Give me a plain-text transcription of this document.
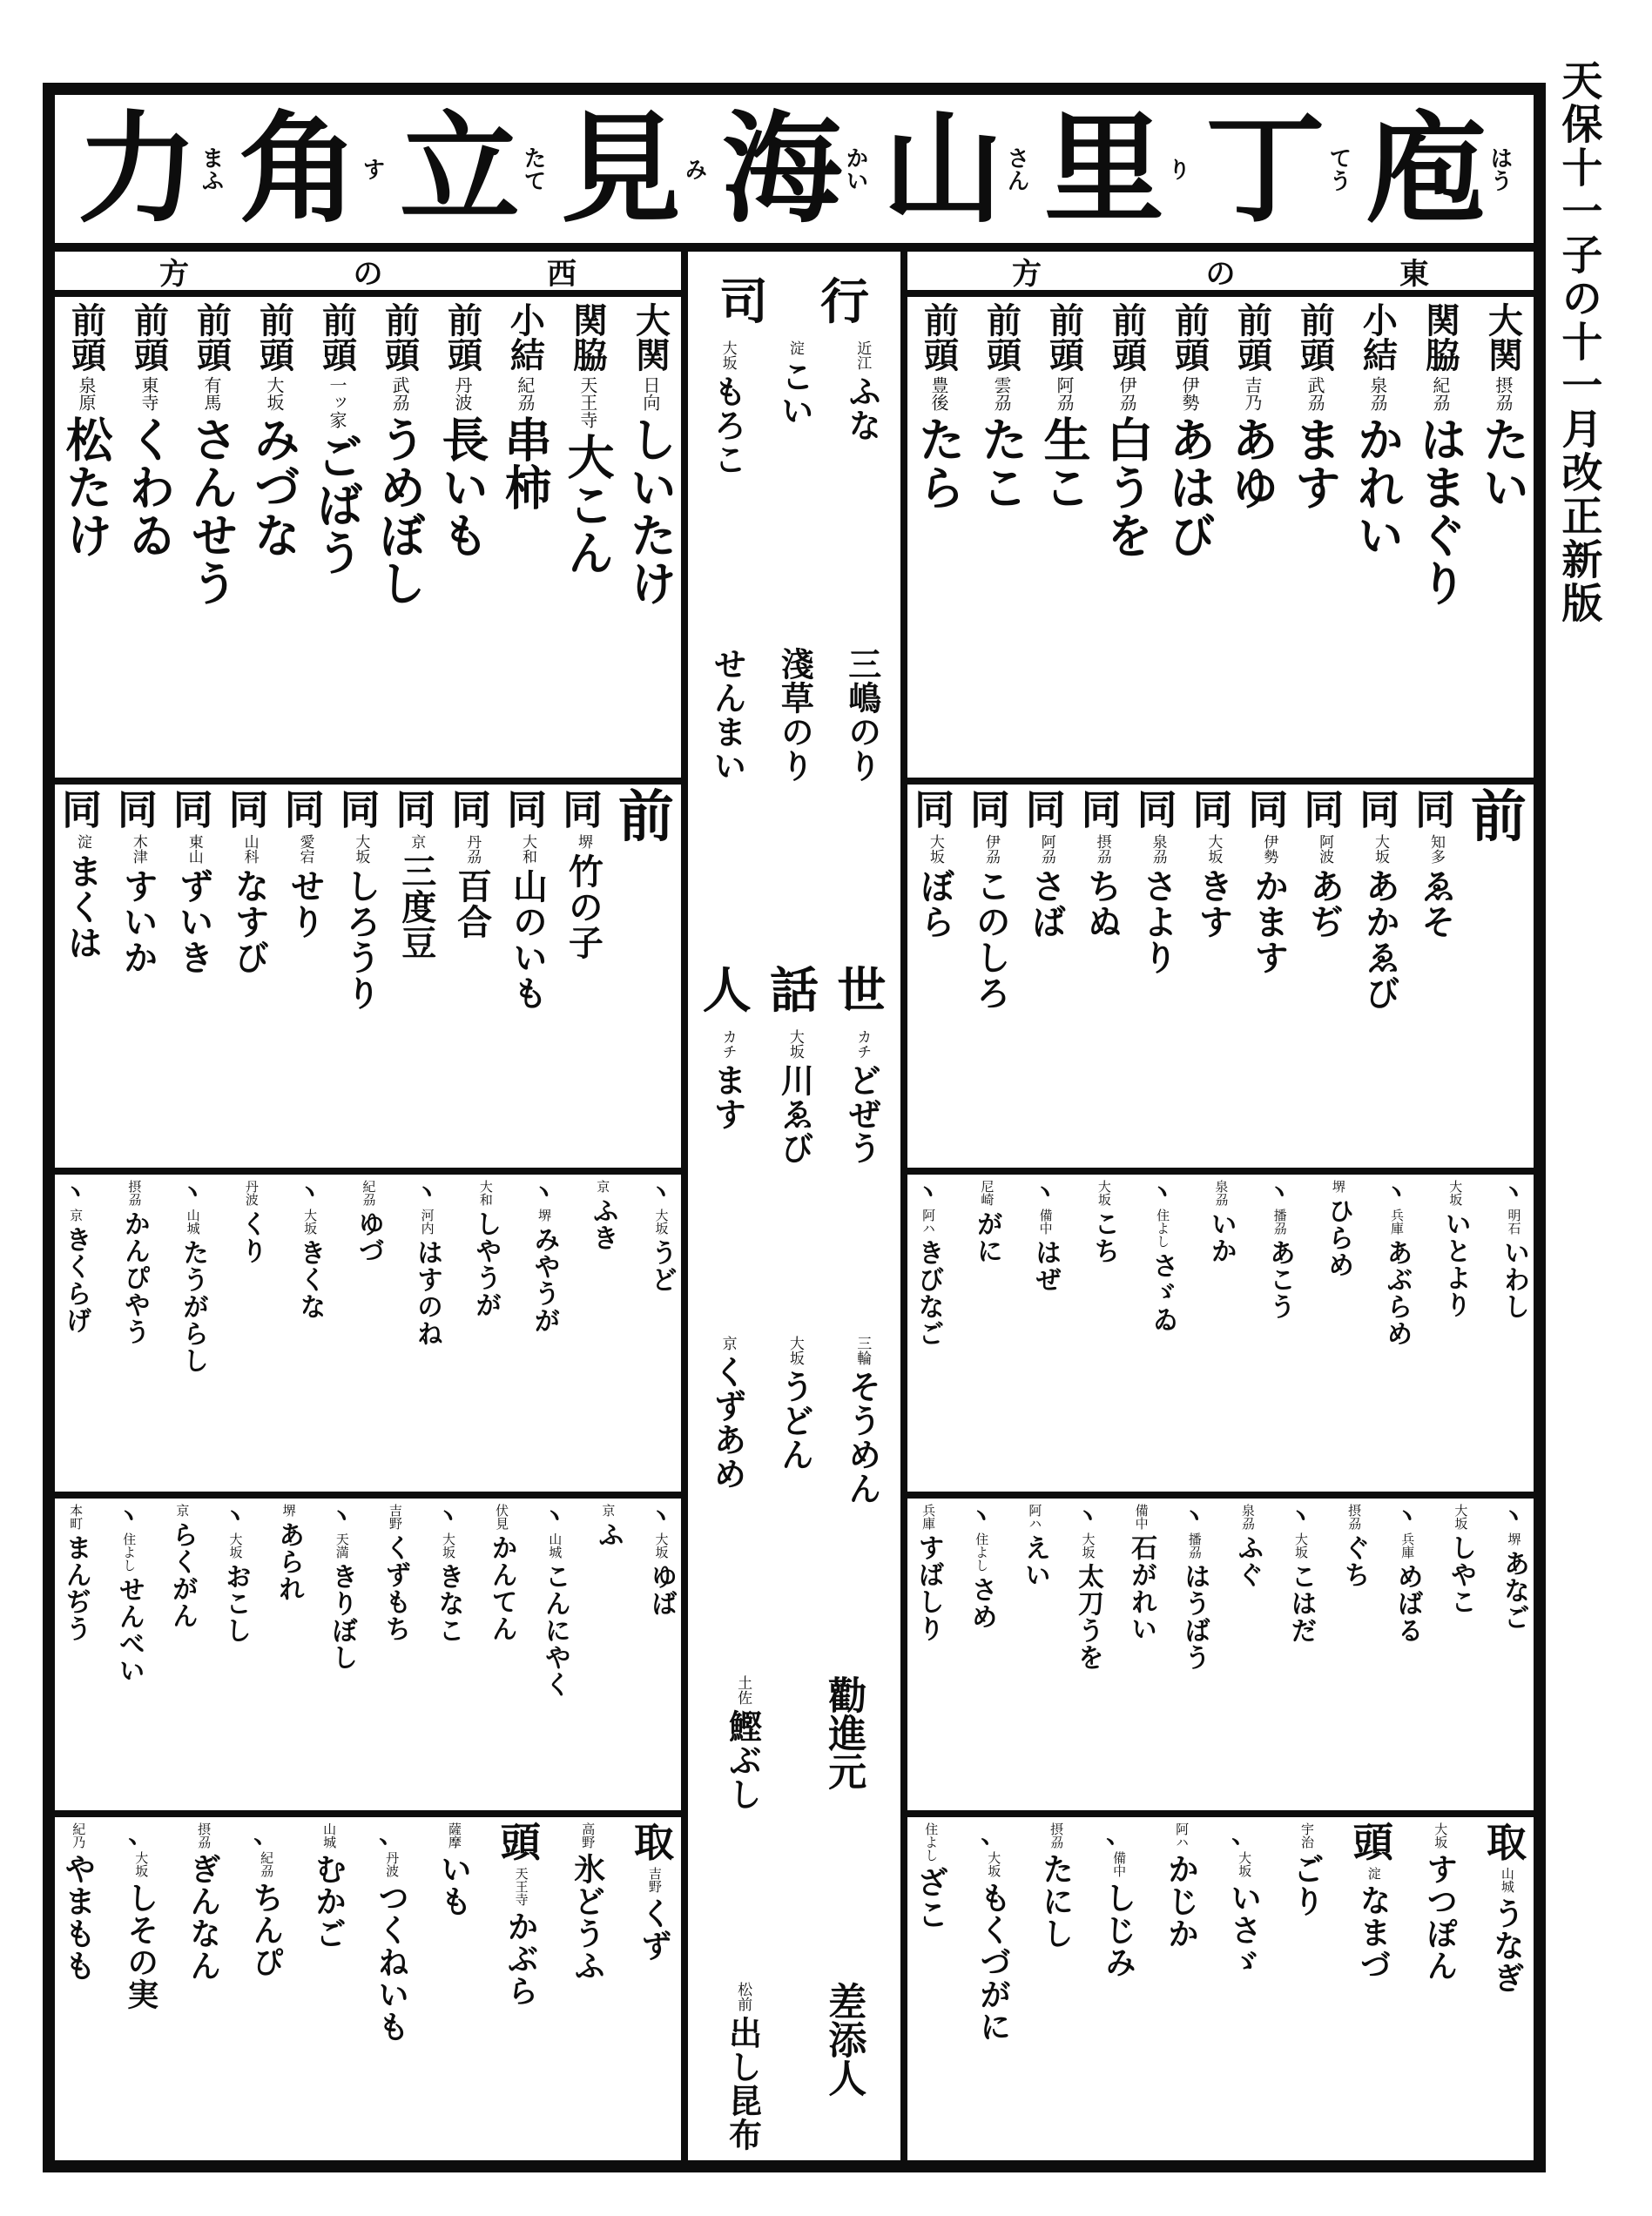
天保十一子の十一月改正新版
庖 はう
丁 てう
里 り
山 さん
海 かい
見 み
立 たて
角 す
力 まふ
西
の
方
大関
日向
しいたけ
関脇
天王寺
大こん
小結
紀刕
串柿
前頭
丹波
長いも
前頭
武刕
うめぼし
前頭
一ッ家
ごばう
前頭
大坂
みづな
前頭
有馬
さんせう
前頭
東寺
くわゐ
前頭
泉原
松たけ
前
同
堺
竹の子
同
大和
山のいも
同
丹刕
百合
同
京
三度豆
同
大坂
しろうり
同
愛宕
せり
同
山科
なすび
同
東山
ずいき
同
木津
すいか
同
淀
まくは
ヽ
大坂
うど
京
ふき
ヽ
堺
みやうが
大和
しやうが
ヽ
河内
はすのね
紀刕
ゆづ
ヽ
大坂
きくな
丹波
くり
ヽ
山城
たうがらし
摂刕
かんぴやう
ヽ
京
きくらげ
ヽ
大坂
ゆば
京
ふ
ヽ
山城
こんにやく
伏見
かんてん
ヽ
大坂
きなこ
吉野
くずもち
ヽ
天満
きりぼし
堺
あられ
ヽ
大坂
おこし
京
らくがん
ヽ
住よし
せんべい
本町
まんぢう
取
吉野
くず
高野
氷どうふ
頭
天王寺
かぶら
薩摩
いも
、
丹波
つくねいも
山城
むかご
、
紀刕
ちんぴ
摂刕
ぎんなん
、
大坂
しその実
紀乃
やまもも
行
司
近江
ふな
淀
こい
大坂
もろこ
三嶋のり
淺草のり
せんまい
世
話
人
カチ
どぜう
大坂
川ゑび
カチ
ます
三輪
そうめん
大坂
うどん
京
くずあめ
勸進元
土佐
鰹ぶし
差添人
松前
出し昆布
東
の
方
大関
摂刕
たい
関脇
紀刕
はまぐり
小結
泉刕
かれい
前頭
武刕
ます
前頭
吉乃
あゆ
前頭
伊勢
あはび
前頭
伊刕
白うを
前頭
阿刕
生こ
前頭
雲刕
たこ
前頭
豊後
たら
前
同
知多
ゑそ
同
大坂
あかゑび
同
阿波
あぢ
同
伊勢
かます
同
大坂
きす
同
泉刕
さより
同
摂刕
ちぬ
同
阿刕
さば
同
伊刕
このしろ
同
大坂
ぼら
ヽ
明石
いわし
大坂
いとより
ヽ
兵庫
あぶらめ
堺
ひらめ
ヽ
播刕
あこう
泉刕
いか
ヽ
住よし
さゞゐ
大坂
こち
ヽ
備中
はぜ
尼崎
がに
ヽ
阿ハ
きびなご
ヽ
堺
あなご
大坂
しやこ
ヽ
兵庫
めばる
摂刕
ぐち
ヽ
大坂
こはだ
泉刕
ふぐ
ヽ
播刕
はうばう
備中
石がれい
ヽ
大坂
太刀うを
阿ハ
えい
ヽ
住よし
さめ
兵庫
すばしり
取
山城
うなぎ
大坂
すつぽん
頭
淀
なまづ
宇治
ごり
、
大坂
いさゞ
阿ハ
かじか
、
備中
しじみ
摂刕
たにし
、
大坂
もくづがに
住よし
ざこ
